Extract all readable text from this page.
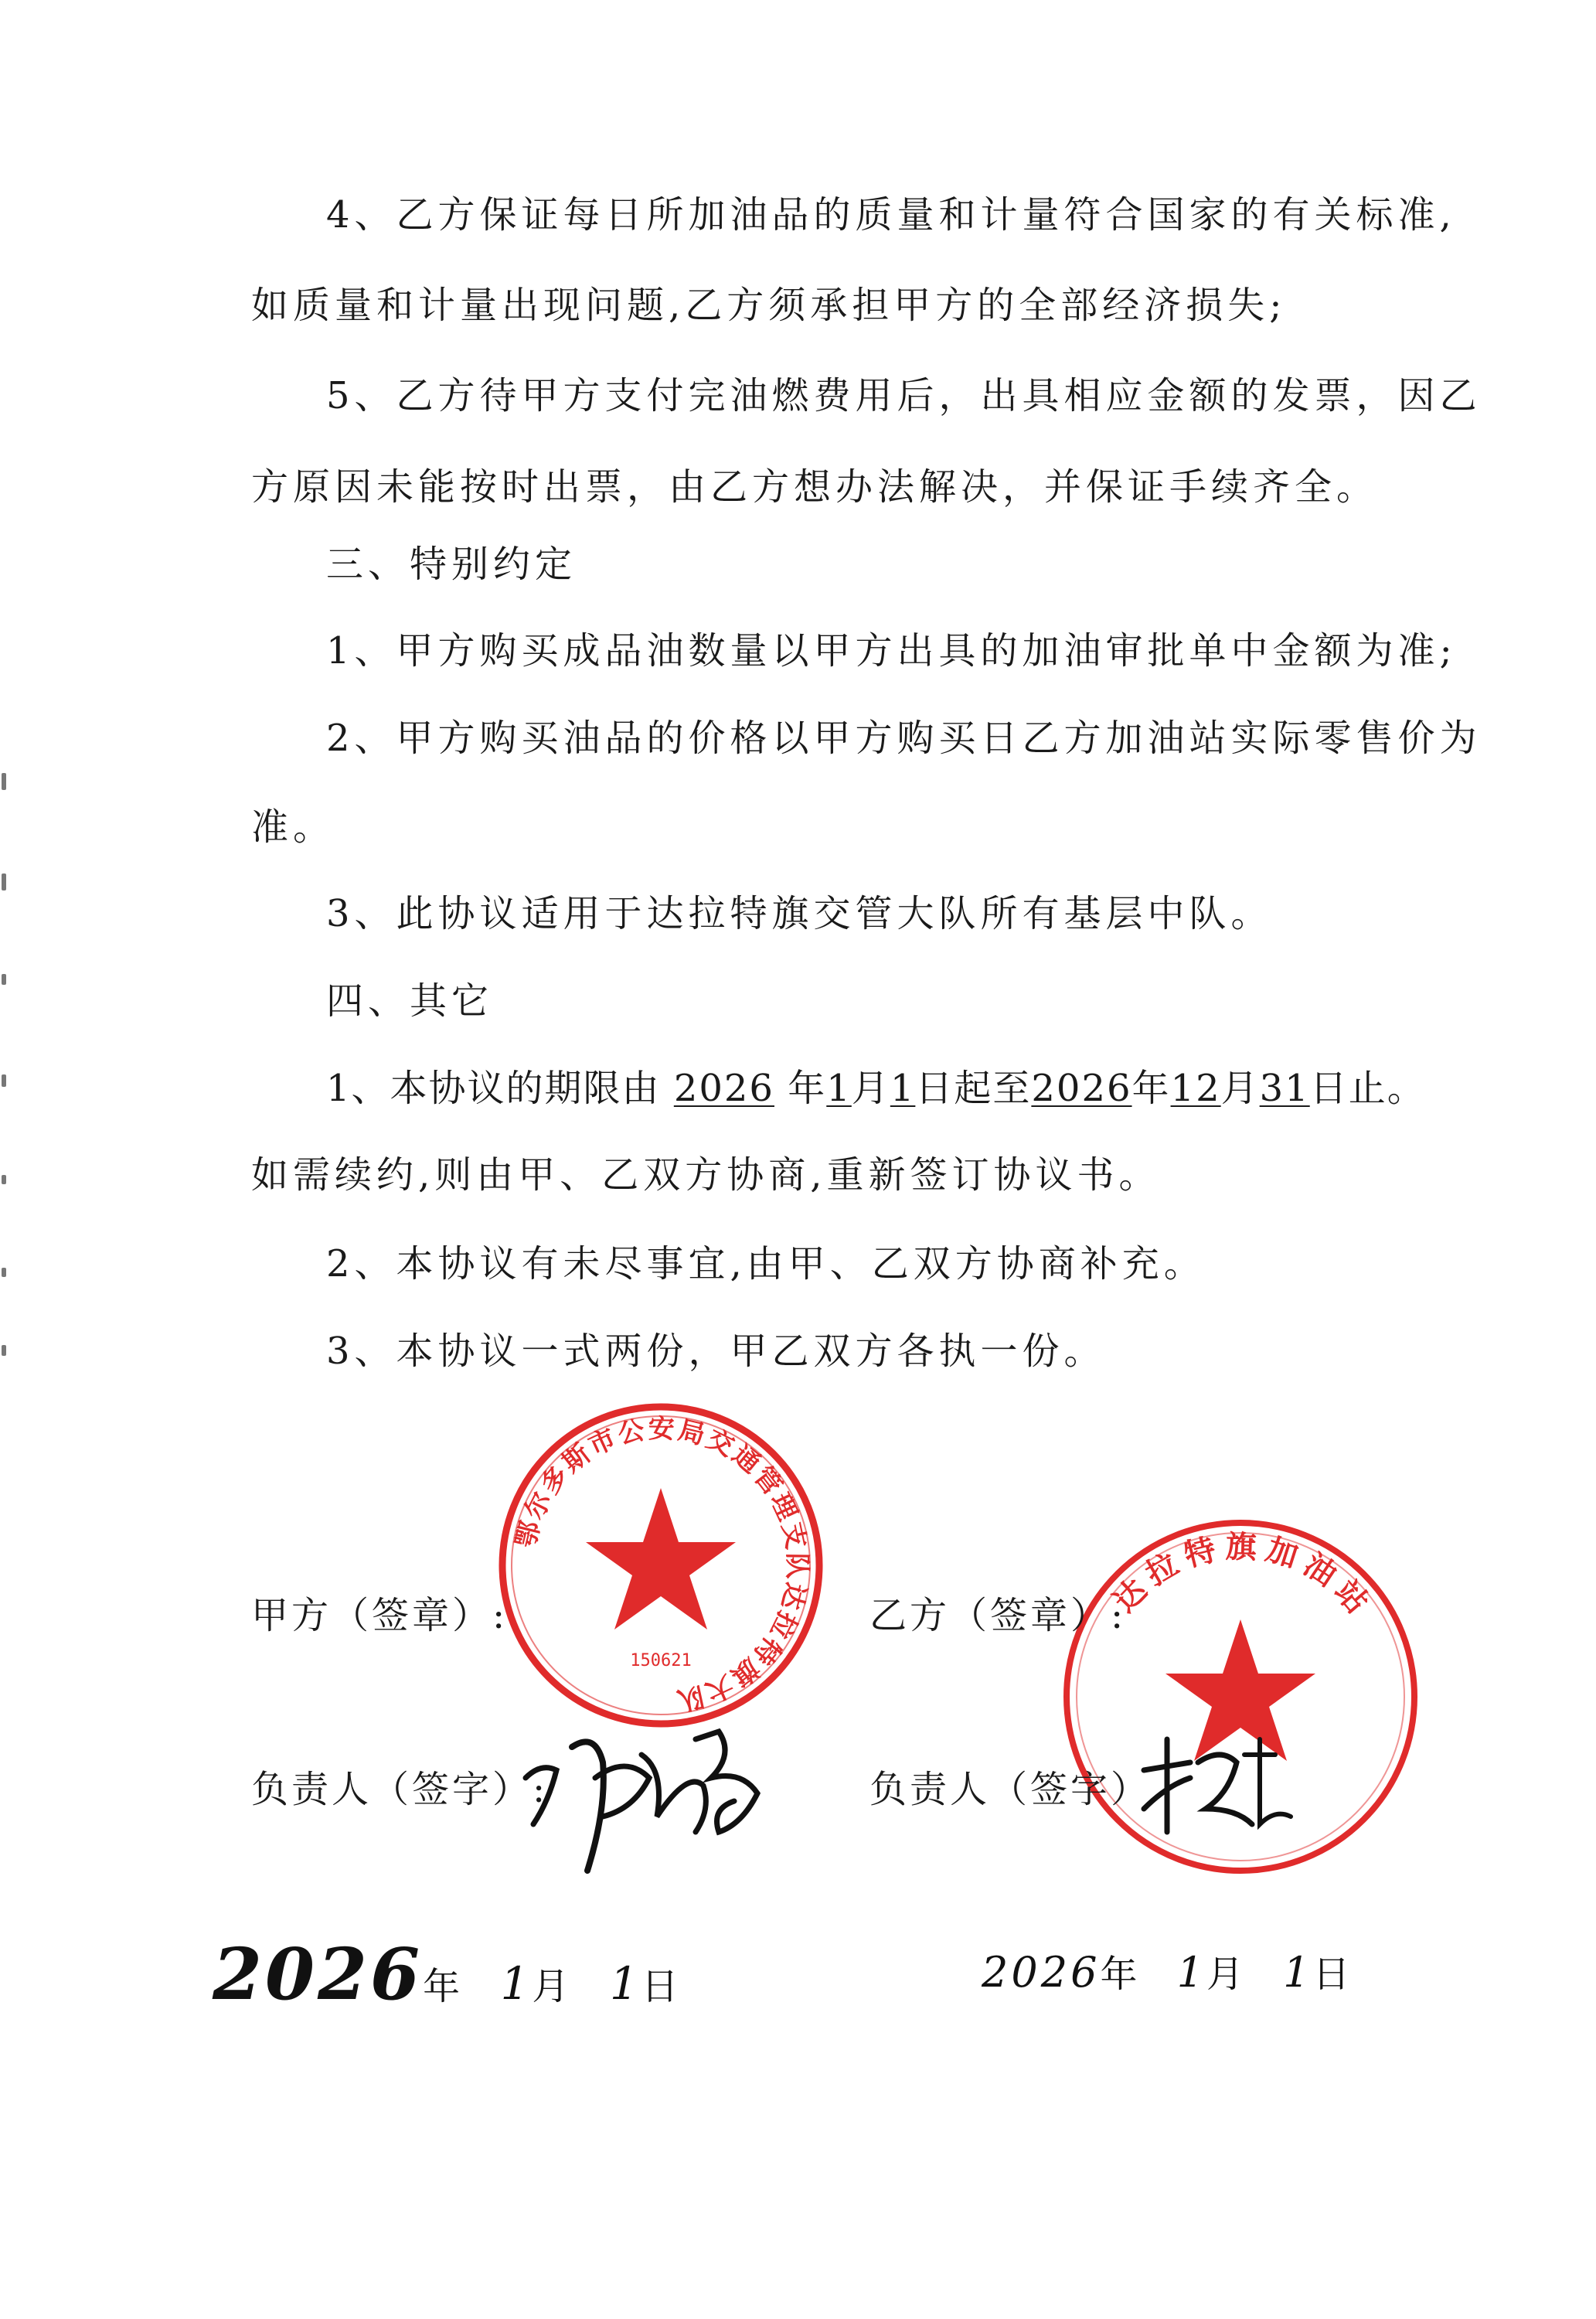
4、乙方保证每日所加油品的质量和计量符合国家的有关标准,
如质量和计量出现问题,乙方须承担甲方的全部经济损失;
5、乙方待甲方支付完油燃费用后，出具相应金额的发票，因乙
方原因未能按时出票，由乙方想办法解决，并保证手续齐全。
三、特别约定
1、甲方购买成品油数量以甲方出具的加油审批单中金额为准;
2、甲方购买油品的价格以甲方购买日乙方加油站实际零售价为
准。
3、此协议适用于达拉特旗交管大队所有基层中队。
四、其它
1、本协议的期限由 2026 年1月1日起至2026年12月31日止。
如需续约,则由甲、乙双方协商,重新签订协议书。
2、本协议有未尽事宜,由甲、乙双方协商补充。
3、本协议一式两份，甲乙双方各执一份。
鄂尔多斯市公安局交通管理支队达拉特旗大队
150621
达拉特旗加油站
甲方（签章）:	乙方（签章）:
负责人（签字）:	负责人（签字）
2026年 1月 1日	2026年 1月 1日
